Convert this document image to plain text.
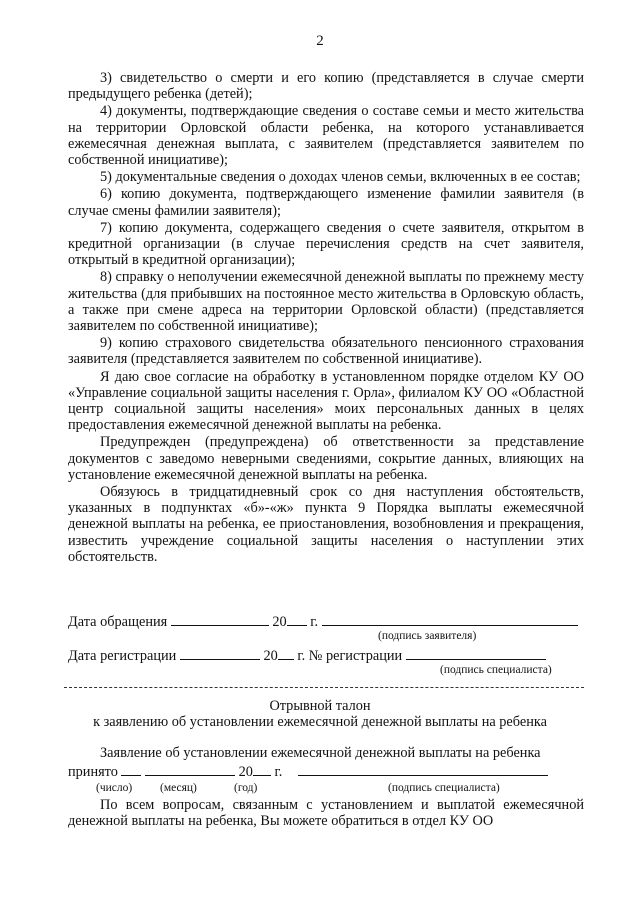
2

3) свидетельство о смерти и его копию (представляется в случае смерти предыдущего ребенка (детей);

4) документы, подтверждающие сведения о составе семьи и место жительства на территории Орловской области ребенка, на которого устанавливается ежемесячная денежная выплата, с заявителем (представляется заявителем по собственной инициативе);

5) документальные сведения о доходах членов семьи, включенных в ее состав;

6) копию документа, подтверждающего изменение фамилии заявителя (в случае смены фамилии заявителя);

7) копию документа, содержащего сведения о счете заявителя, открытом в кредитной организации (в случае перечисления средств на счет заявителя, открытый в кредитной организации);

8) справку о неполучении ежемесячной денежной выплаты по прежнему месту жительства (для прибывших на постоянное место жительства в Орловскую область, а также при смене адреса на территории Орловской области) (представляется заявителем по собственной инициативе);

9) копию страхового свидетельства обязательного пенсионного страхования заявителя (представляется заявителем по собственной инициативе).

Я даю свое согласие на обработку в установленном порядке отделом КУ ОО «Управление социальной защиты населения г. Орла», филиалом КУ ОО «Областной центр социальной защиты населения» моих персональных данных в целях предоставления ежемесячной денежной выплаты на ребенка.

Предупрежден (предупреждена) об ответственности за представление документов с заведомо неверными сведениями, сокрытие данных, влияющих на установление ежемесячной денежной выплаты на ребенка.

Обязуюсь в тридцатидневный срок со дня наступления обстоятельств, указанных в подпунктах «б»-«ж» пункта 9 Порядка выплаты ежемесячной денежной выплаты на ребенка, ее приостановления, возобновления и прекращения, известить учреждение социальной защиты населения о наступлении этих обстоятельств.

Дата обращения	20 г.
(подпись заявителя)
Дата регистрации	20 г. № регистрации
(подпись специалиста)
Отрывной талон
к заявлению об установлении ежемесячной денежной выплаты на ребенка
Заявление об установлении ежемесячной денежной выплаты на ребенка
принято	20 г.
(число) (месяц)	(год)	(подпись специалиста)

По всем вопросам, связанным с установлением и выплатой ежемесячной денежной выплаты на ребенка, Вы можете обратиться в отдел КУ ОО
